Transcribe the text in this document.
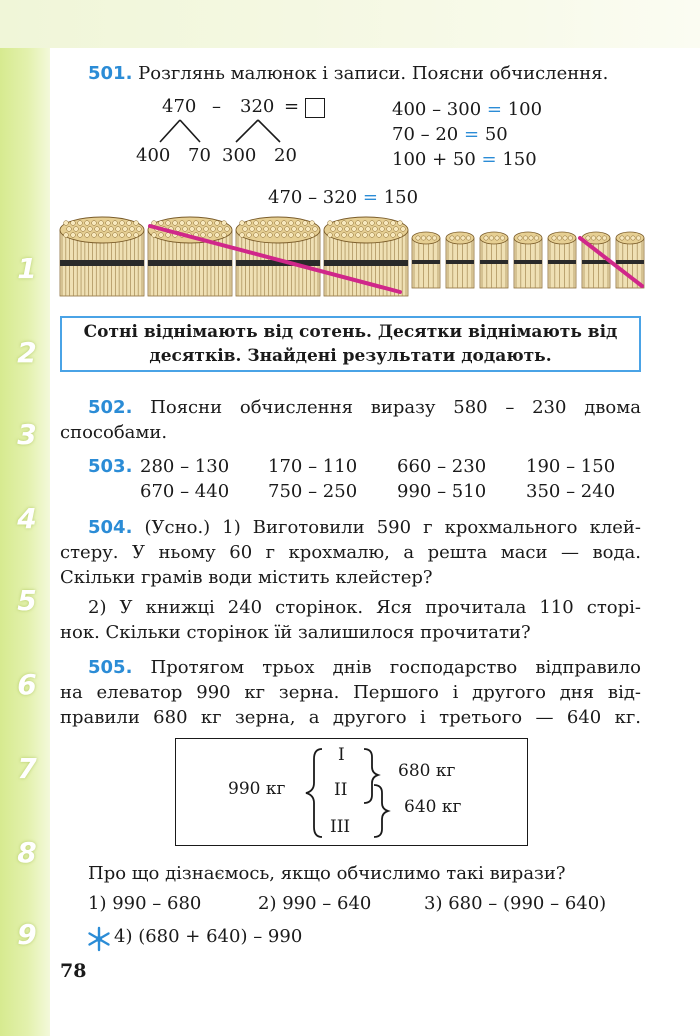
1
2
3
4
5
6
7
8
9
501. Розглянь малюнок і записи. Поясни обчислення.
470 – 320 =
400 70 300 20
400 – 300 = 100
70 – 20 = 50
100 + 50 = 150
470 – 320 = 150
Сотні віднімають від сотень. Десятки віднімають від
десятків. Знайдені результати додають.
502. Поясни обчислення виразу 580 – 230 двома
способами.
503. 280 – 130 170 – 110 660 – 230 190 – 150
670 – 440 750 – 250 990 – 510 350 – 240
504. (Усно.) 1) Виготовили 590 г крохмального клей-
стеру. У ньому 60 г крохмалю, а решта маси — вода.
Скільки грамів води містить клейстер?
2) У книжці 240 сторінок. Яся прочитала 110 сторі-
нок. Скільки сторінок їй залишилося прочитати?
505. Протягом трьох днів господарство відправило
на елеватор 990 кг зерна. Першого і другого дня від-
правили 680 кг зерна, а другого і третього — 640 кг.
990 кг
I
II
III
680 кг
640 кг
Про що дізнаємось, якщо обчислимо такі вирази?
1) 990 – 680	2) 990 – 640	3) 680 – (990 – 640)
4) (680 + 640) – 990
78
